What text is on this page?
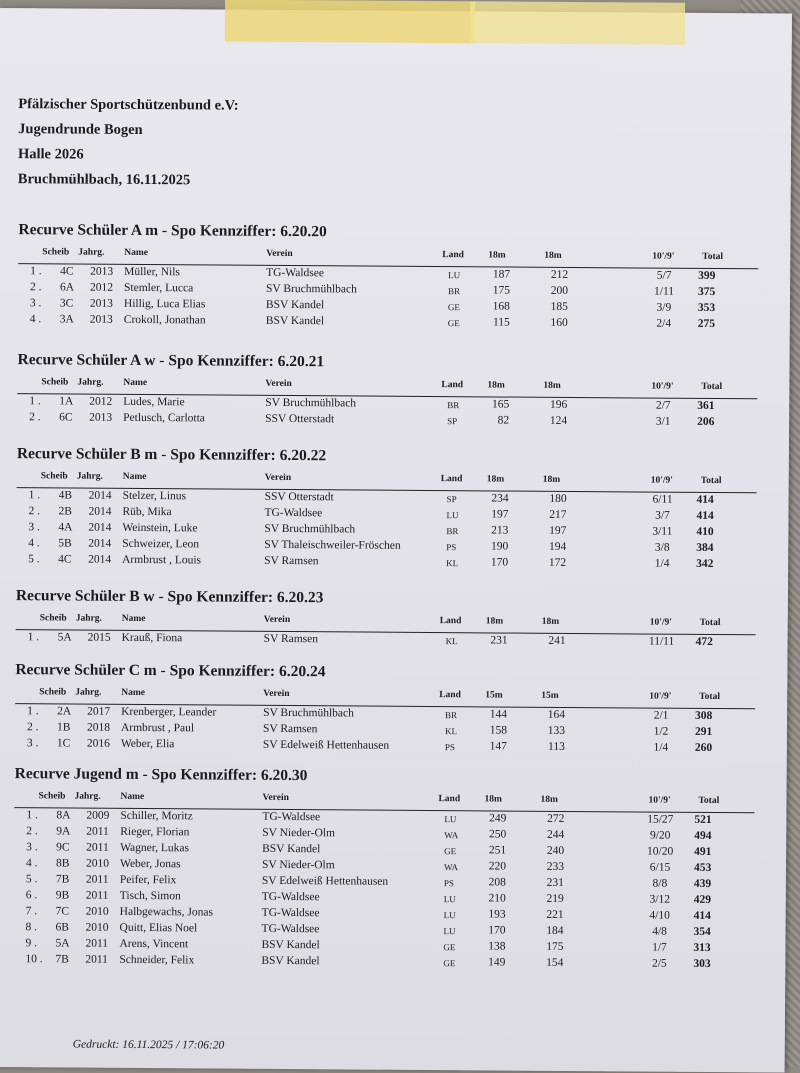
Pfälzischer Sportschützenbund e.V:
Jugendrunde Bogen
Halle 2026
Bruchmühlbach, 16.11.2025
Recurve Schüler A m - Spo Kennziffer: 6.20.20
Scheib Jahrg. Name	Verein	Land	18m	18m	10'/9'	Total
1 . 4C 2013 Müller, Nils	TG-Waldsee	LU	187	212	5/7	399
2 . 6A 2012 Stemler, Lucca	SV Bruchmühlbach	BR	175	200	1/11	375
3 . 3C 2013 Hillig, Luca Elias	BSV Kandel	GE	168	185	3/9	353
4 . 3A 2013 Crokoll, Jonathan	BSV Kandel	GE	115	160	2/4	275
Recurve Schüler A w - Spo Kennziffer: 6.20.21
Scheib Jahrg. Name	Verein	Land	18m	18m	10'/9'	Total
1 . 1A 2012 Ludes, Marie	SV Bruchmühlbach	BR	165	196	2/7	361
2 . 6C 2013 Petlusch, Carlotta	SSV Otterstadt	SP	82	124	3/1	206
Recurve Schüler B m - Spo Kennziffer: 6.20.22
Scheib Jahrg. Name	Verein	Land	18m	18m	10'/9'	Total
1 . 4B 2014 Stelzer, Linus	SSV Otterstadt	SP	234	180	6/11	414
2 . 2B 2014 Rüb, Mika	TG-Waldsee	LU	197	217	3/7	414
3 . 4A 2014 Weinstein, Luke	SV Bruchmühlbach	BR	213	197	3/11	410
4 . 5B 2014 Schweizer, Leon	SV Thaleischweiler-Fröschen	PS	190	194	3/8	384
5 . 4C 2014 Armbrust , Louis	SV Ramsen	KL	170	172	1/4	342
Recurve Schüler B w - Spo Kennziffer: 6.20.23
Scheib Jahrg. Name	Verein	Land	18m	18m	10'/9'	Total
1 . 5A 2015 Krauß, Fiona	SV Ramsen	KL	231	241	11/11	472
Recurve Schüler C m - Spo Kennziffer: 6.20.24
Scheib Jahrg. Name	Verein	Land	15m	15m	10'/9'	Total
1 . 2A 2017 Krenberger, Leander	SV Bruchmühlbach	BR	144	164	2/1	308
2 . 1B 2018 Armbrust , Paul	SV Ramsen	KL	158	133	1/2	291
3 . 1C 2016 Weber, Elia	SV Edelweiß Hettenhausen	PS	147	113	1/4	260
Recurve Jugend m - Spo Kennziffer: 6.20.30
Scheib Jahrg. Name	Verein	Land	18m	18m	10'/9'	Total
1 . 8A 2009 Schiller, Moritz	TG-Waldsee	LU	249	272	15/27	521
2 . 9A 2011 Rieger, Florian	SV Nieder-Olm	WA	250	244	9/20	494
3 . 9C 2011 Wagner, Lukas	BSV Kandel	GE	251	240	10/20	491
4 . 8B 2010 Weber, Jonas	SV Nieder-Olm	WA	220	233	6/15	453
5 . 7B 2011 Peifer, Felix	SV Edelweiß Hettenhausen	PS	208	231	8/8	439
6 . 9B 2011 Tisch, Simon	TG-Waldsee	LU	210	219	3/12	429
7 . 7C 2010 Halbgewachs, Jonas	TG-Waldsee	LU	193	221	4/10	414
8 . 6B 2010 Quitt, Elias Noel	TG-Waldsee	LU	170	184	4/8	354
9 . 5A 2011 Arens, Vincent	BSV Kandel	GE	138	175	1/7	313
10 . 7B 2011 Schneider, Felix	BSV Kandel	GE	149	154	2/5	303
Gedruckt: 16.11.2025 / 17:06:20
